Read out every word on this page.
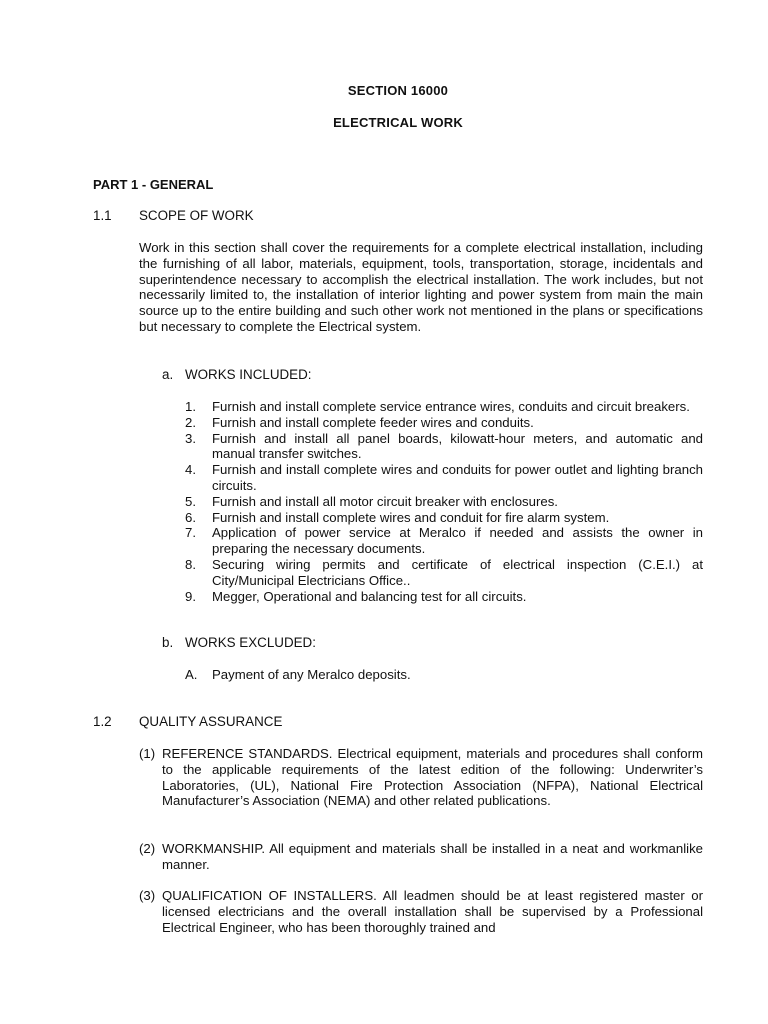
SECTION 16000
ELECTRICAL WORK
PART 1 - GENERAL
1.1 SCOPE OF WORK

Work in this section shall cover the requirements for a complete electrical installation, including the furnishing of all labor, materials, equipment, tools, transportation, storage, incidentals and superintendence necessary to accomplish the electrical installation. The work includes, but not necessarily limited to, the installation of interior lighting and power system from main the main source up to the entire building and such other work not mentioned in the plans or specifications but necessary to complete the Electrical system.

a. WORKS INCLUDED:
1.	Furnish and install complete service entrance wires, conduits and circuit breakers.
2.	Furnish and install complete feeder wires and conduits.
3.	Furnish and install all panel boards, kilowatt-hour meters, and automatic and manual transfer switches.
4.	Furnish and install complete wires and conduits for power outlet and lighting branch circuits.
5.	Furnish and install all motor circuit breaker with enclosures.
6.	Furnish and install complete wires and conduit for fire alarm system.
7.	Application of power service at Meralco if needed and assists the owner in preparing the necessary documents.
8.	Securing wiring permits and certificate of electrical inspection (C.E.I.) at City/Municipal Electricians Office..
9.	Megger, Operational and balancing test for all circuits.
b. WORKS EXCLUDED:
A. Payment of any Meralco deposits.
1.2 QUALITY ASSURANCE
(1) REFERENCE STANDARDS. Electrical equipment, materials and procedures shall conform to the applicable requirements of the latest edition of the following: Underwriter’s Laboratories, (UL), National Fire Protection Association (NFPA), National Electrical Manufacturer’s Association (NEMA) and other related publications.
(2) WORKMANSHIP. All equipment and materials shall be installed in a neat and workmanlike manner.
(3) QUALIFICATION OF INSTALLERS. All leadmen should be at least registered master or licensed electricians and the overall installation shall be supervised by a Professional Electrical Engineer, who has been thoroughly trained and
